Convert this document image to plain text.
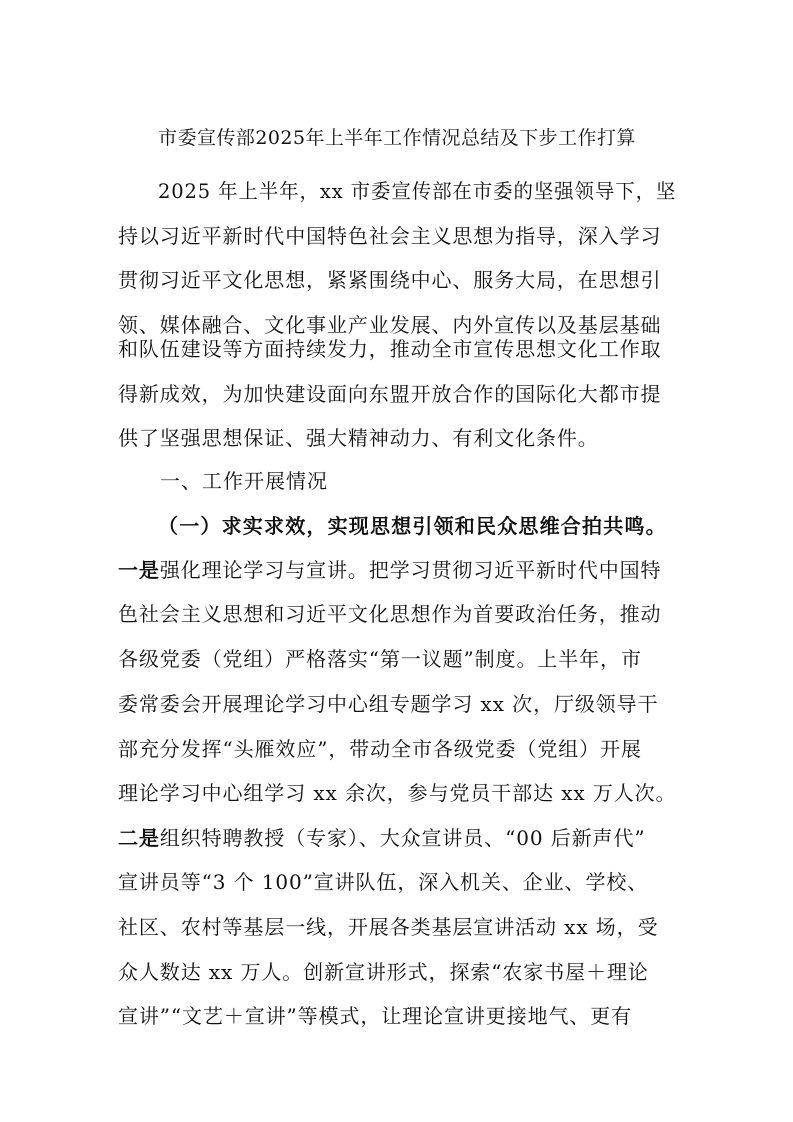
市委宣传部2025年上半年工作情况总结及下步工作打算
2025 年上半年，xx 市委宣传部在市委的坚强领导下，坚
持以习近平新时代中国特色社会主义思想为指导，深入学习
贯彻习近平文化思想，紧紧围绕中心、服务大局，在思想引
领、媒体融合、文化事业产业发展、内外宣传以及基层基础
和队伍建设等方面持续发力，推动全市宣传思想文化工作取
得新成效，为加快建设面向东盟开放合作的国际化大都市提
供了坚强思想保证、强大精神动力、有利文化条件。
一、工作开展情况
（一）求实求效，实现思想引领和民众思维合拍共鸣。
一是强化理论学习与宣讲。把学习贯彻习近平新时代中国特
色社会主义思想和习近平文化思想作为首要政治任务，推动
各级党委（党组）严格落实“第一议题”制度。上半年，市
委常委会开展理论学习中心组专题学习 xx 次，厅级领导干
部充分发挥“头雁效应”，带动全市各级党委（党组）开展
理论学习中心组学习 xx 余次，参与党员干部达 xx 万人次。
二是组织特聘教授（专家）、大众宣讲员、“00 后新声代”
宣讲员等“3 个 100”宣讲队伍，深入机关、企业、学校、
社区、农村等基层一线，开展各类基层宣讲活动 xx 场，受
众人数达 xx 万人。创新宣讲形式，探索“农家书屋＋理论
宣讲”“文艺＋宣讲”等模式，让理论宣讲更接地气、更有
